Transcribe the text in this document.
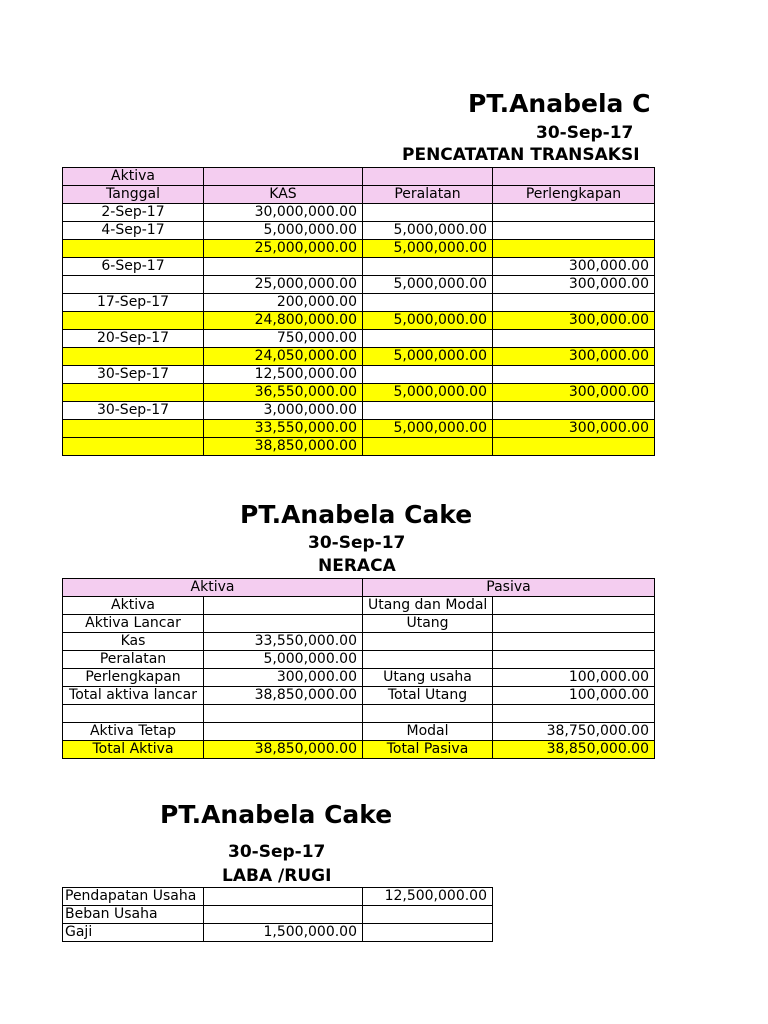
PT.Anabela C
30-Sep-17
PENCATATAN TRANSAKSI
Aktiva			
Tanggal	KAS	Peralatan	Perlengkapan
2-Sep-17	30,000,000.00		
4-Sep-17	5,000,000.00	5,000,000.00	
	25,000,000.00	5,000,000.00	
6-Sep-17			300,000.00
	25,000,000.00	5,000,000.00	300,000.00
17-Sep-17	200,000.00		
	24,800,000.00	5,000,000.00	300,000.00
20-Sep-17	750,000.00		
	24,050,000.00	5,000,000.00	300,000.00
30-Sep-17	12,500,000.00		
	36,550,000.00	5,000,000.00	300,000.00
30-Sep-17	3,000,000.00		
	33,550,000.00	5,000,000.00	300,000.00
	38,850,000.00		
PT.Anabela Cake
30-Sep-17
NERACA
Aktiva		Pasiva	
Aktiva		Utang dan Modal	
Aktiva Lancar		Utang	
Kas	33,550,000.00		
Peralatan	5,000,000.00		
Perlengkapan	300,000.00	Utang usaha	100,000.00
Total aktiva lancar	38,850,000.00	Total Utang	100,000.00

Aktiva Tetap		Modal	38,750,000.00
Total Aktiva	38,850,000.00	Total Pasiva	38,850,000.00
PT.Anabela Cake
30-Sep-17
LABA /RUGI
Pendapatan Usaha		12,500,000.00
Beban Usaha		
Gaji	1,500,000.00	
